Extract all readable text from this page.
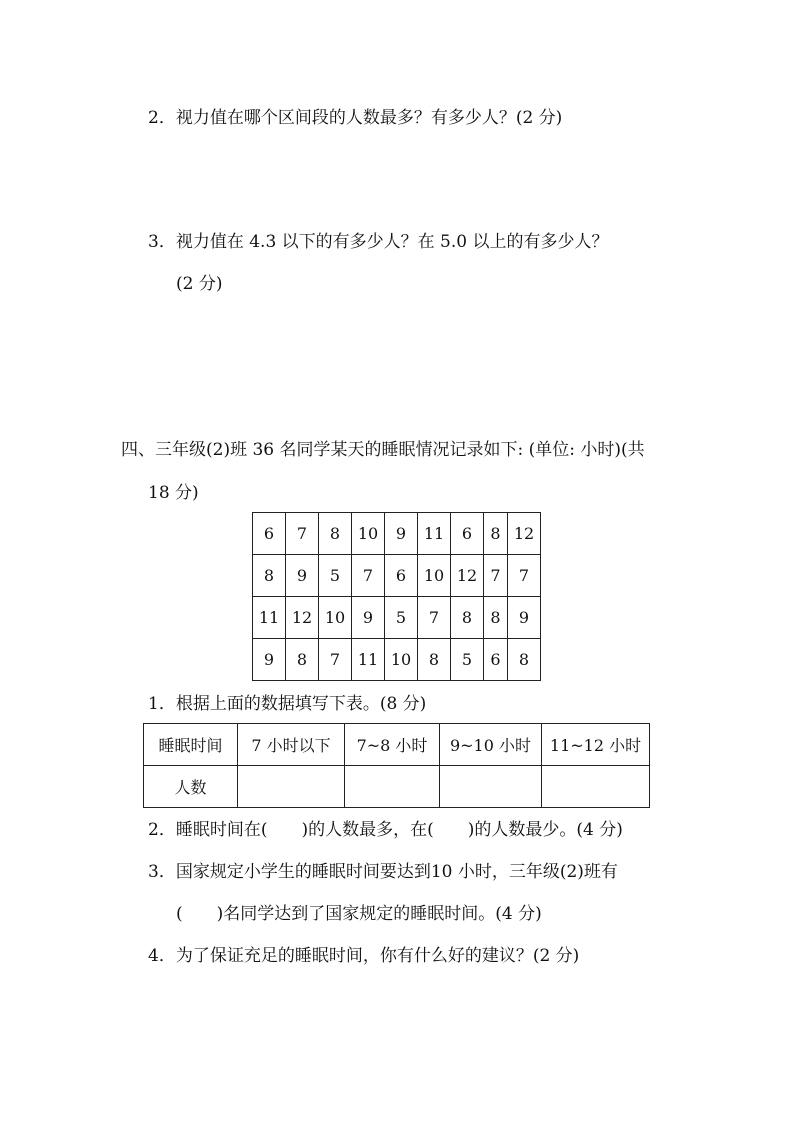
2．视力值在哪个区间段的人数最多？有多少人？(2 分)
3．视力值在 4.3 以下的有多少人？在 5.0 以上的有多少人？
(2 分)
四、三年级(2)班 36 名同学某天的睡眠情况记录如下: (单位: 小时)(共
18 分)
6	7	8	10	9	11	6	8	12
8	9	5	7	6	10	12	7	7
11	12	10	9	5	7	8	8	9
9	8	7	11	10	8	5	6	8
1．根据上面的数据填写下表。(8 分)
睡眠时间	7 小时以下	7~8 小时	9~10 小时	11~12 小时
人数				
2．睡眠时间在(　　)的人数最多，在(　　)的人数最少。(4 分)
3．国家规定小学生的睡眠时间要达到10 小时，三年级(2)班有
(　　)名同学达到了国家规定的睡眠时间。(4 分)
4．为了保证充足的睡眠时间，你有什么好的建议？(2 分)
